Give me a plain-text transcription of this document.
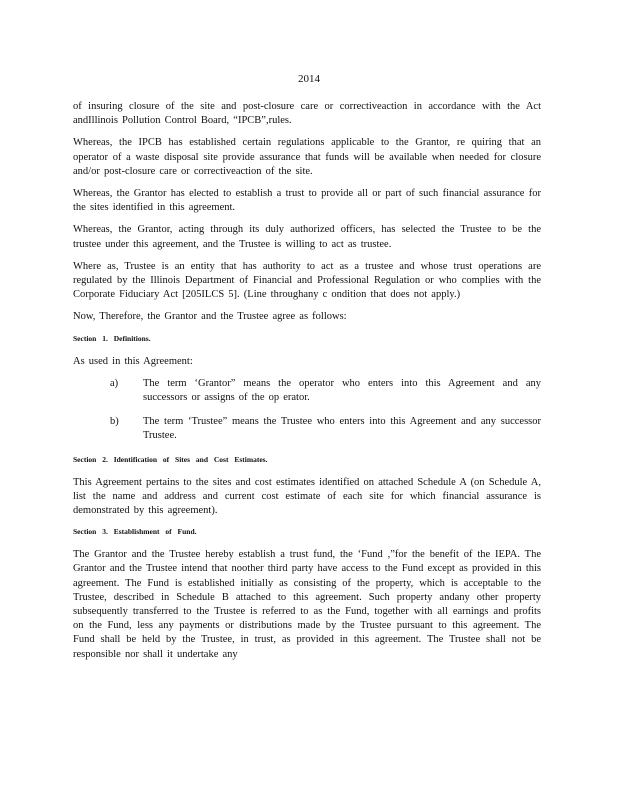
2014

of insuring closure of the site and post-closure care or correctiveaction in accordance with the Act andIllinois Pollution Control Board, “IPCB”,rules.

Whereas, the IPCB has established certain regulations applicable to the Grantor, re quiring that an operator of a waste disposal site provide assurance that funds will be available when needed for closure and/or post-closure care or correctiveaction of the site.

Whereas, the Grantor has elected to establish a trust to provide all or part of such financial assurance for the sites identified in this agreement.

Whereas, the Grantor, acting through its duly authorized officers, has selected the Trustee to be the trustee under this agreement, and the Trustee is willing to act as trustee.

Where as, Trustee is an entity that has authority to act as a trustee and whose trust operations are regulated by the Illinois Department of Financial and Professional Regulation or who complies with the Corporate Fiduciary Act [205ILCS 5]. (Line throughany c ondition that does not apply.)

Now, Therefore, the Grantor and the Trustee agree as follows:

Section 1. Definitions.

As used in this Agreement:

a)	The term ‘Grantor” means the operator who enters into this Agreement and any successors or assigns of the op erator.
b)	The term ‘Trustee” means the Trustee who enters into this Agreement and any successor Trustee.
Section 2. Identification of Sites and Cost Estimates.

This Agreement pertains to the sites and cost estimates identified on attached Schedule A (on Schedule A, list the name and address and current cost estimate of each site for which financial assurance is demonstrated by this agreement).

Section 3. Establishment of Fund.

The Grantor and the Trustee hereby establish a trust fund, the ‘Fund ,”for the benefit of the IEPA. The Grantor and the Trustee intend that noother third party have access to the Fund except as provided in this agreement. The Fund is established initially as consisting of the property, which is acceptable to the Trustee, described in Schedule B attached to this agreement. Such property andany other property subsequently transferred to the Trustee is referred to as the Fund, together with all earnings and profits on the Fund, less any payments or distributions made by the Trustee pursuant to this agreement. The Fund shall be held by the Trustee, in trust, as provided in this agreement. The Trustee shall not be responsible nor shall it undertake any
